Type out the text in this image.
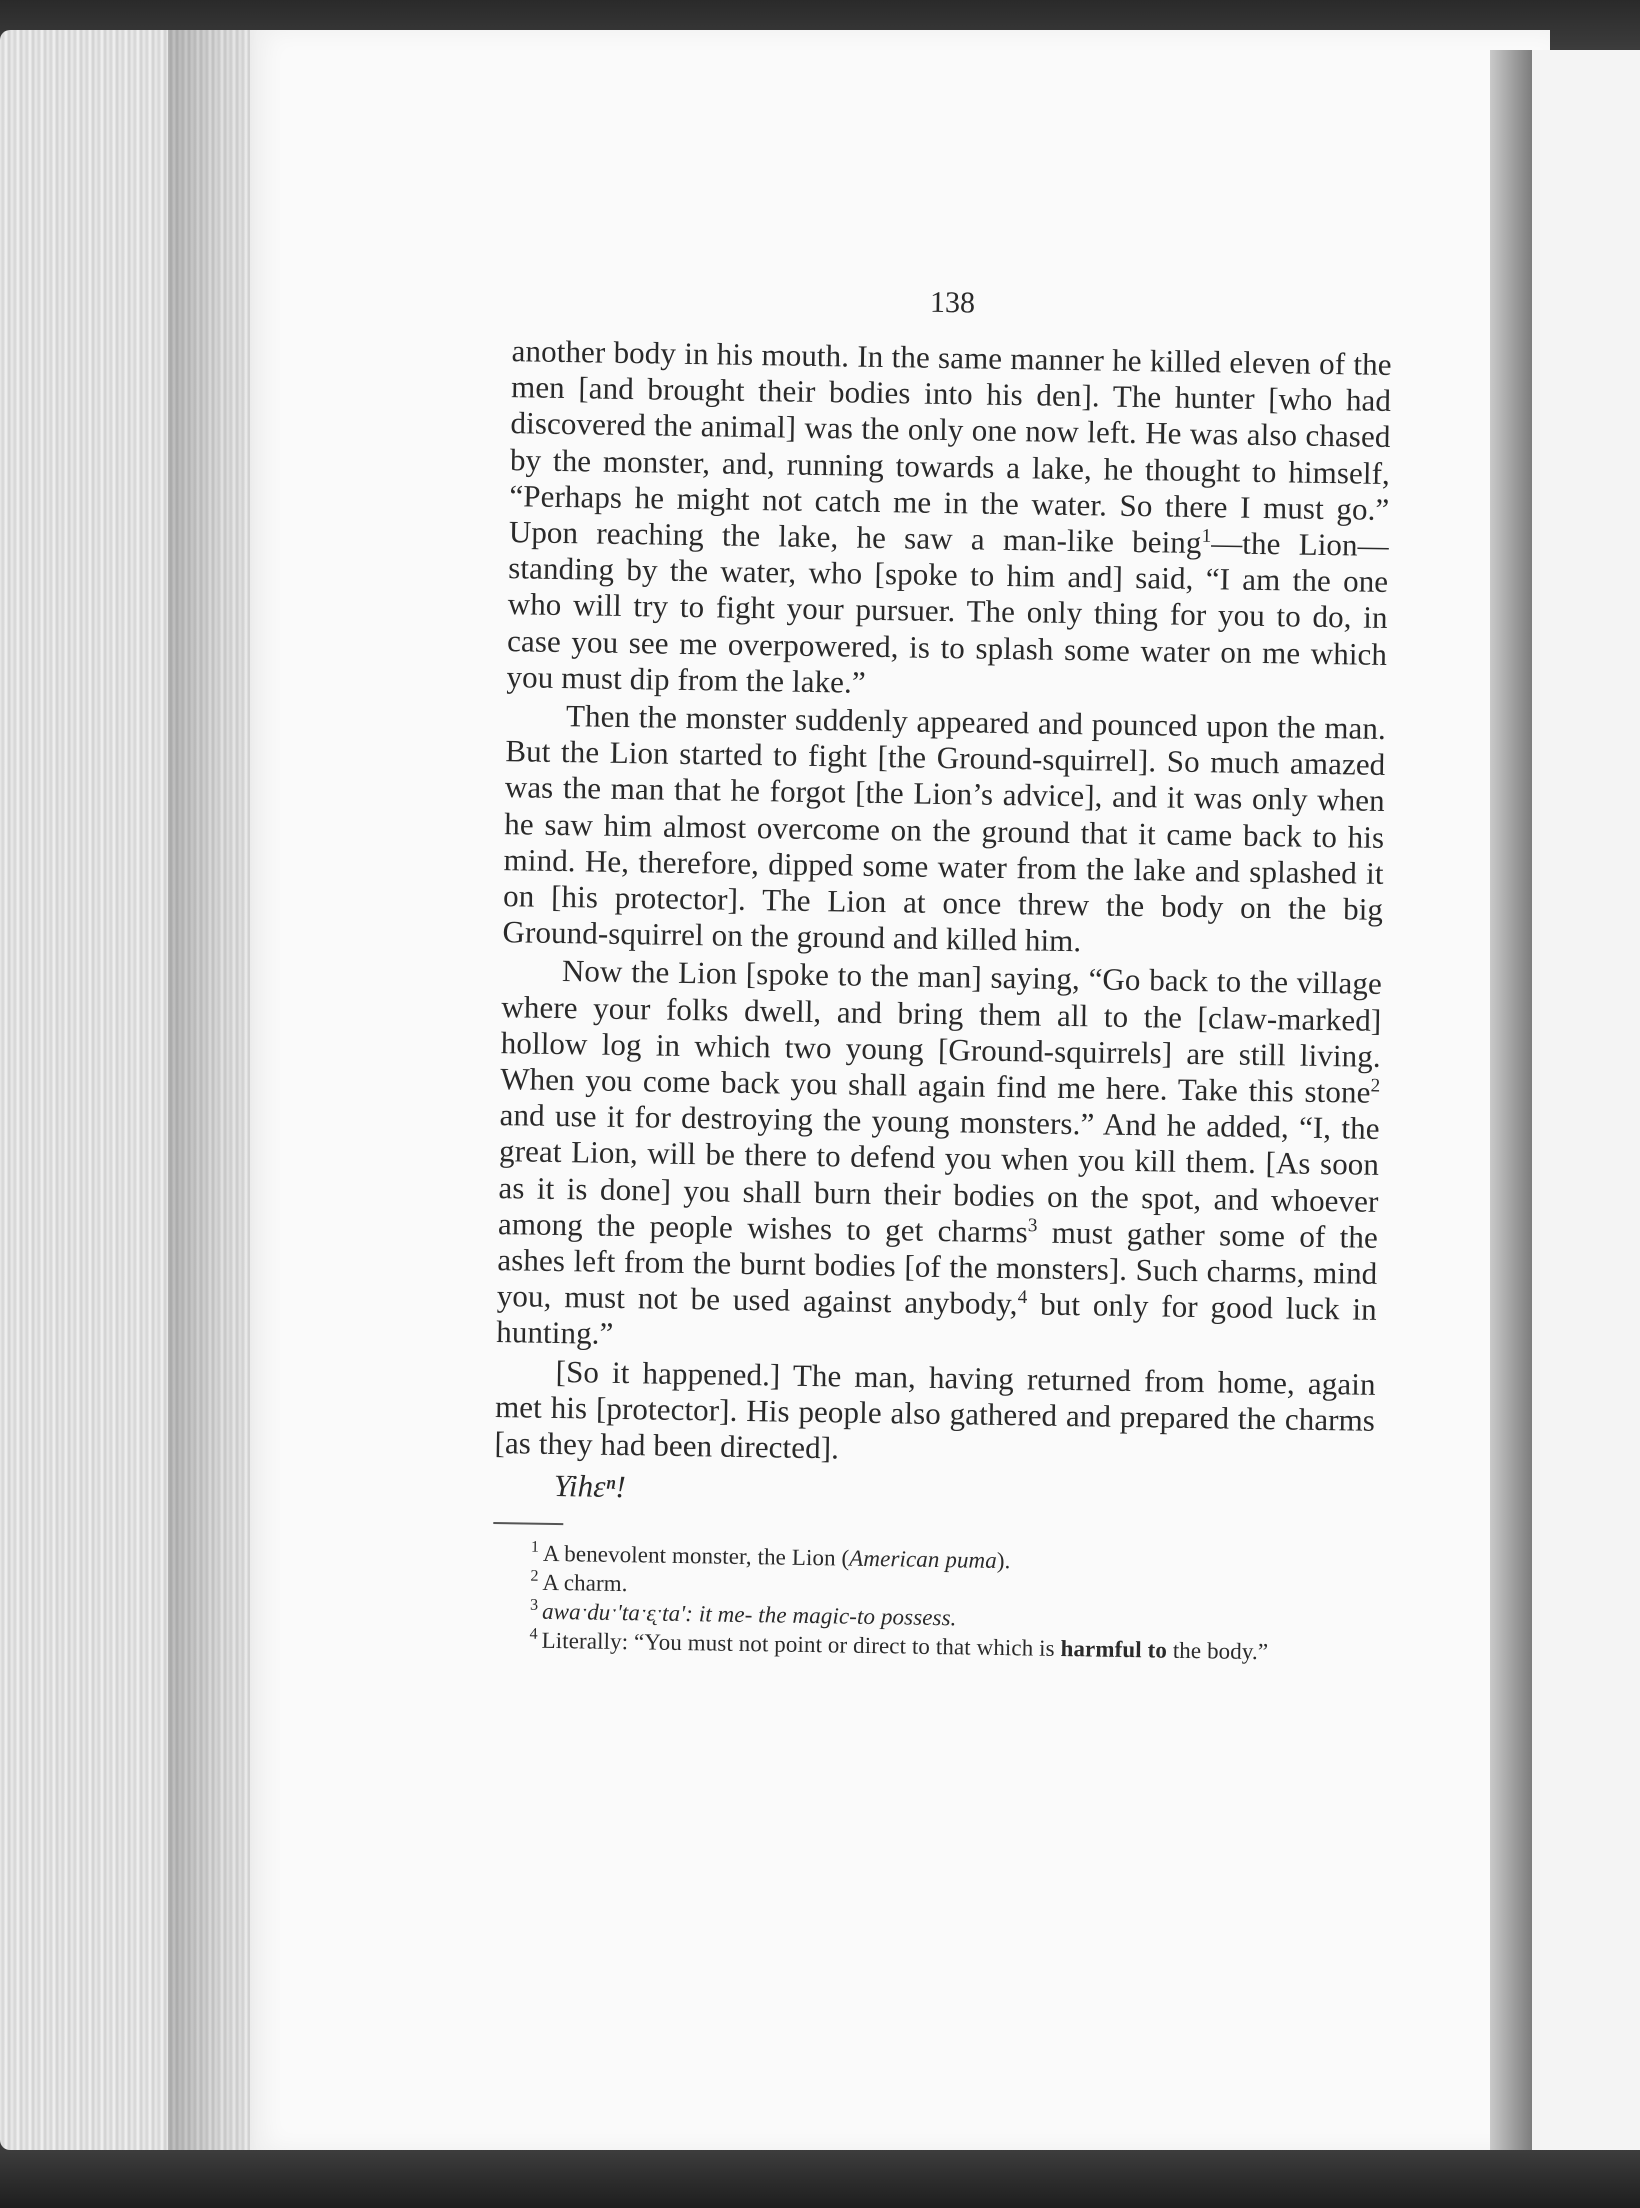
138

another body in his mouth. In the same manner he killed eleven of the men [and brought their bodies into his den]. The hunter [who had discovered the animal] was the only one now left. He was also chased by the monster, and, running towards a lake, he thought to himself, “Perhaps he might not catch me in the water. So there I must go.” Upon reaching the lake, he saw a man-like being$^1$—the Lion— standing by the water, who [spoke to him and] said, “I am the one who will try to fight your pursuer. The only thing for you to do, in case you see me overpowered, is to splash some water on me which you must dip from the lake.”

Then the monster suddenly appeared and pounced upon the man. But the Lion started to fight [the Ground-squirrel]. So much amazed was the man that he forgot [the Lion’s advice], and it was only when he saw him almost overcome on the ground that it came back to his mind. He, therefore, dipped some water from the lake and splashed it on [his protector]. The Lion at once threw the body on the big Ground-squirrel on the ground and killed him.

Now the Lion [spoke to the man] saying, “Go back to the village where your folks dwell, and bring them all to the [claw-marked] hollow log in which two young [Ground-squirrels] are still living. When you come back you shall again find me here. Take this stone$^2$ and use it for destroying the young monsters.” And he added, “I, the great Lion, will be there to defend you when you kill them. [As soon as it is done] you shall burn their bodies on the spot, and whoever among the people wishes to get charms$^3$ must gather some of the ashes left from the burnt bodies [of the monsters]. Such charms, mind you, must not be used against anybody,$^4$ but only for good luck in hunting.”

[So it happened.] The man, having returned from home, again met his [protector]. His people also gathered and prepared the charms [as they had been directed].

Yihɛⁿ!

$^1$ A benevolent monster, the Lion (American puma).

$^2$ A charm.

$^3$ awaˑduˑ'taˑɛ̨ˑta': it me- the magic-to possess.

$^4$ Literally: “You must not point or direct to that which is harmful to the body.”
